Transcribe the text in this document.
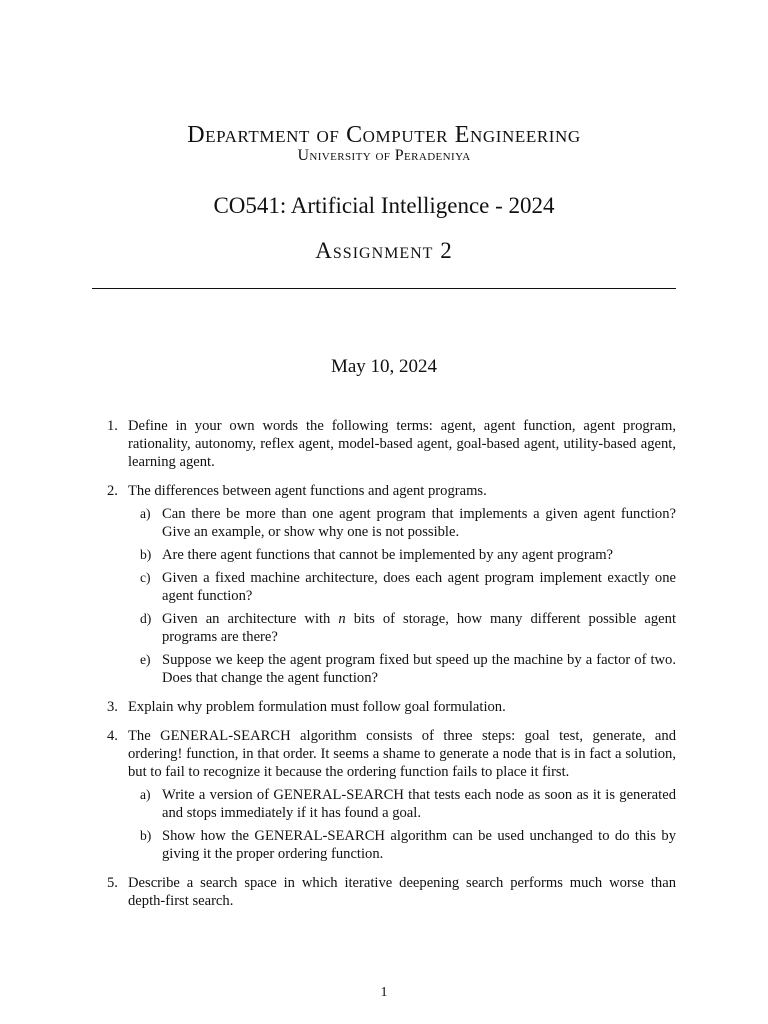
Department of Computer Engineering
University of Peradeniya
CO541: Artificial Intelligence - 2024
Assignment 2
May 10, 2024
1. Define in your own words the following terms: agent, agent function, agent program, rationality, autonomy, reflex agent, model-based agent, goal-based agent, utility-based agent, learning agent.
2. The differences between agent functions and agent programs.
a) Can there be more than one agent program that implements a given agent function? Give an example, or show why one is not possible.
b) Are there agent functions that cannot be implemented by any agent program?
c) Given a fixed machine architecture, does each agent program implement exactly one agent function?
d) Given an architecture with n bits of storage, how many different possible agent programs are there?
e) Suppose we keep the agent program fixed but speed up the machine by a factor of two. Does that change the agent function?
3. Explain why problem formulation must follow goal formulation.
4. The GENERAL-SEARCH algorithm consists of three steps: goal test, generate, and ordering! function, in that order. It seems a shame to generate a node that is in fact a solution, but to fail to recognize it because the ordering function fails to place it first.
a) Write a version of GENERAL-SEARCH that tests each node as soon as it is generated and stops immediately if it has found a goal.
b) Show how the GENERAL-SEARCH algorithm can be used unchanged to do this by giving it the proper ordering function.
5. Describe a search space in which iterative deepening search performs much worse than depth-first search.
1
